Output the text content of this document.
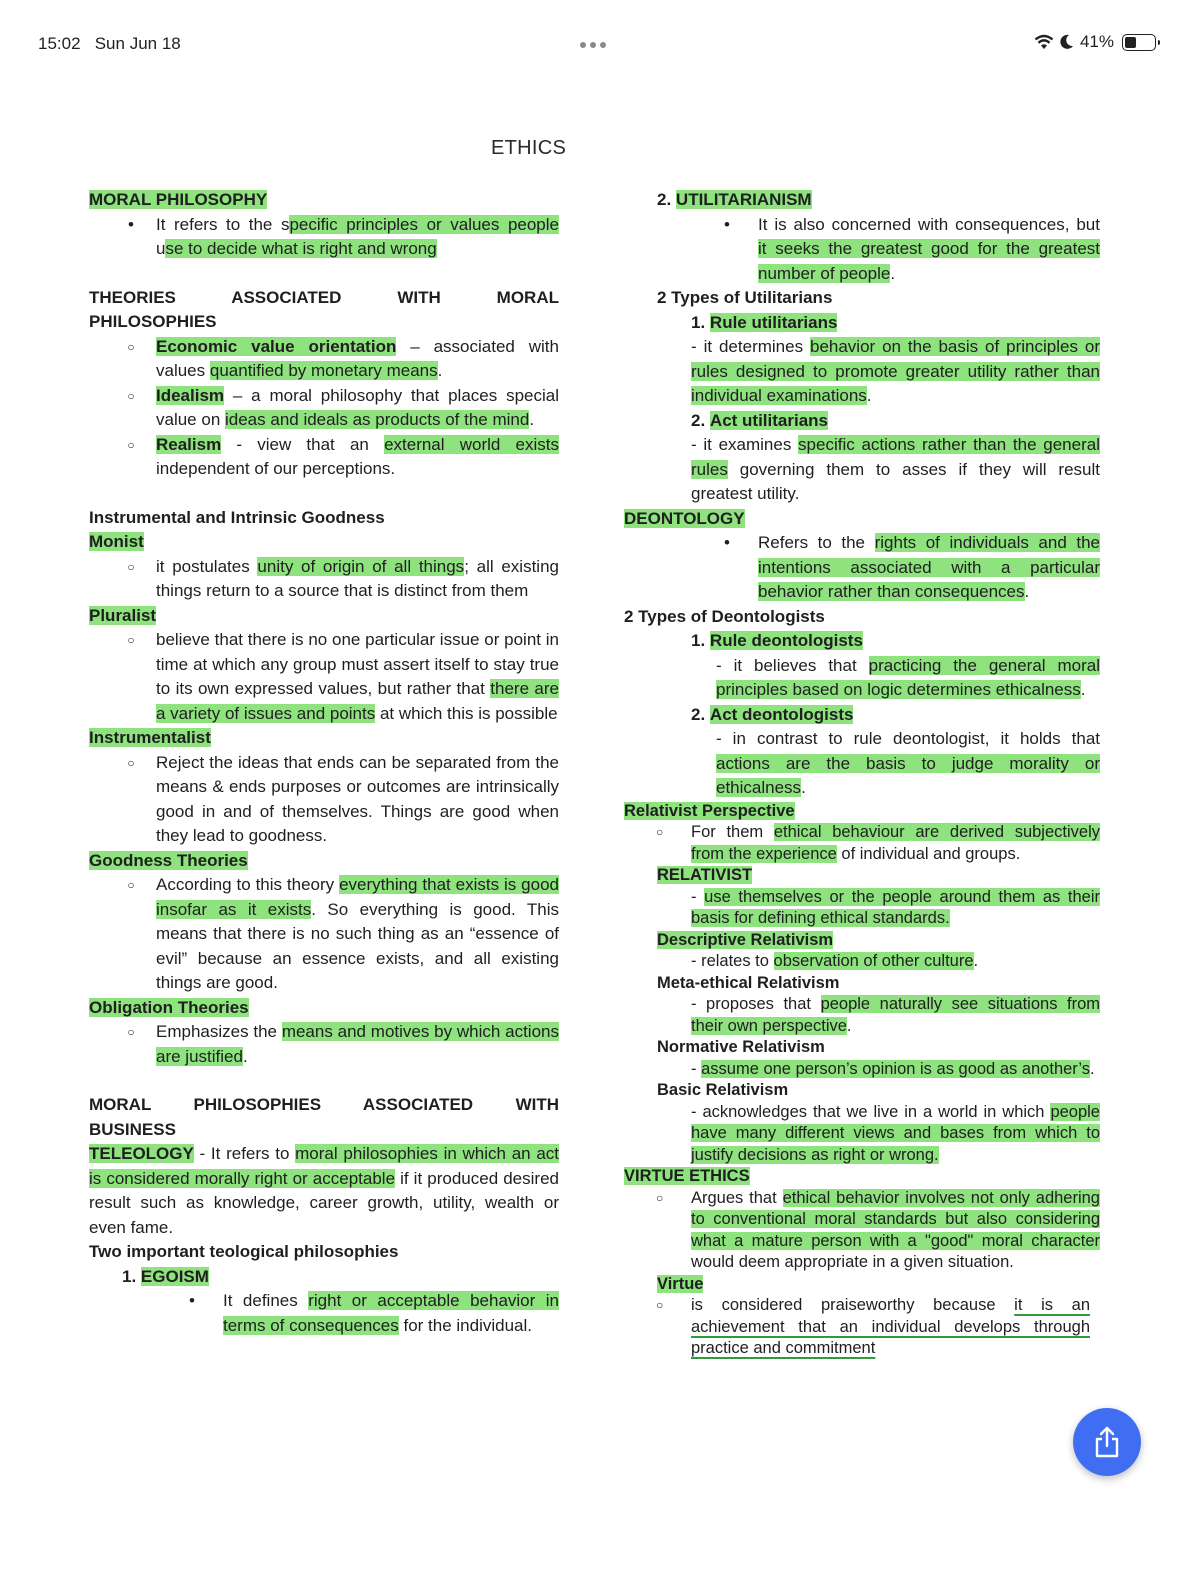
15:02 Sun Jun 18	41%
ETHICS
MORAL PHILOSOPHY
•	It refers to the specific principles or values people use to decide what is right and wrong
THEORIES ASSOCIATED WITH MORAL PHILOSOPHIES
○	Economic value orientation – associated with values quantified by monetary means.
○	Idealism – a moral philosophy that places special value on ideas and ideals as products of the mind.
○	Realism - view that an external world exists independent of our perceptions.
Instrumental and Intrinsic Goodness
Monist
○	it postulates unity of origin of all things; all existing things return to a source that is distinct from them
Pluralist
○	believe that there is no one particular issue or point in time at which any group must assert itself to stay true to its own expressed values, but rather that there are a variety of issues and points at which this is possible
Instrumentalist
○	Reject the ideas that ends can be separated from the means & ends purposes or outcomes are intrinsically good in and of themselves. Things are good when they lead to goodness.
Goodness Theories
○	According to this theory everything that exists is good insofar as it exists. So everything is good. This means that there is no such thing as an “essence of evil” because an essence exists, and all existing things are good.
Obligation Theories
○	Emphasizes the means and motives by which actions are justified.
MORAL PHILOSOPHIES ASSOCIATED WITH BUSINESS
TELEOLOGY - It refers to moral philosophies in which an act is considered morally right or acceptable if it produced desired result such as knowledge, career growth, utility, wealth or even fame.
Two important teological philosophies
1. EGOISM
• It defines right or acceptable behavior in terms of consequences for the individual.
2. UTILITARIANISM
• It is also concerned with consequences, but it seeks the greatest good for the greatest number of people.
2 Types of Utilitarians
1. Rule utilitarians
- it determines behavior on the basis of principles or rules designed to promote greater utility rather than individual examinations.
2. Act utilitarians
- it examines specific actions rather than the general rules governing them to asses if they will result greatest utility.
DEONTOLOGY
• Refers to the rights of individuals and the intentions associated with a particular behavior rather than consequences.
2 Types of Deontologists
1. Rule deontologists
- it believes that practicing the general moral principles based on logic determines ethicalness.
2. Act deontologists
- in contrast to rule deontologist, it holds that actions are the basis to judge morality or ethicalness.
Relativist Perspective
○ For them ethical behaviour are derived subjectively from the experience of individual and groups.
RELATIVIST
- use themselves or the people around them as their basis for defining ethical standards.
Descriptive Relativism
- relates to observation of other culture.
Meta-ethical Relativism
- proposes that people naturally see situations from their own perspective.
Normative Relativism
- assume one person’s opinion is as good as another’s.
Basic Relativism
- acknowledges that we live in a world in which people have many different views and bases from which to justify decisions as right or wrong.
VIRTUE ETHICS
○ Argues that ethical behavior involves not only adhering to conventional moral standards but also considering what a mature person with a "good" moral character would deem appropriate in a given situation.
Virtue
○ is considered praiseworthy because it is an achievement that an individual develops through practice and commitment
